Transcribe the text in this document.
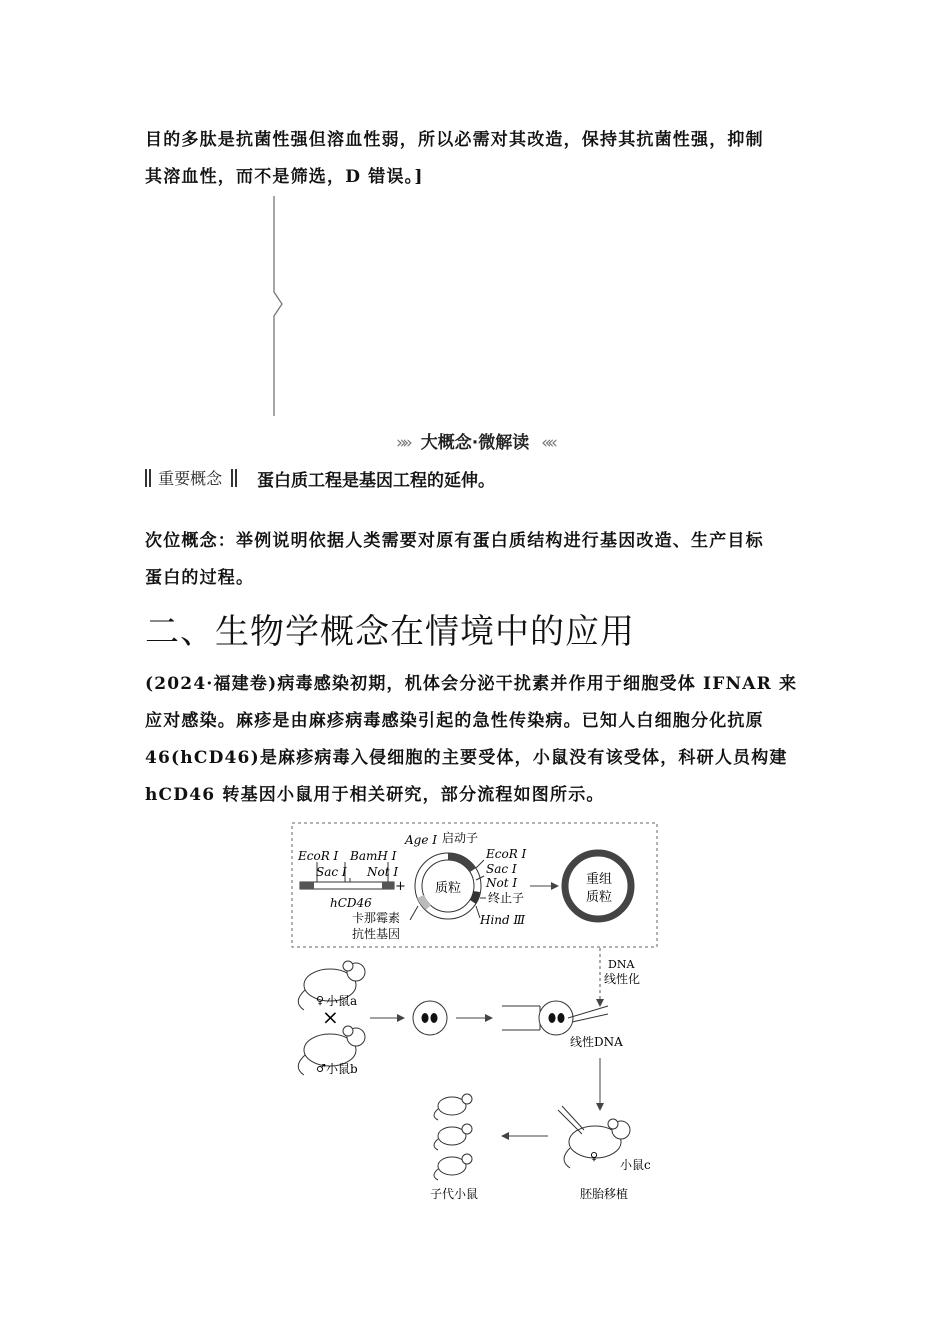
目的多肽是抗菌性强但溶血性弱，所以必需对其改造，保持其抗菌性强，抑制
其溶血性，而不是筛选，D 错误。]
»» 大概念·微解读 ««
重要概念	蛋白质工程是基因工程的延伸。
次位概念：举例说明依据人类需要对原有蛋白质结构进行基因改造、生产目标
蛋白的过程。
二、生物学概念在情境中的应用
(2024·福建卷)病毒感染初期，机体会分泌干扰素并作用于细胞受体 IFNAR 来
应对感染。麻疹是由麻疹病毒感染引起的急性传染病。已知人白细胞分化抗原
46(hCD46)是麻疹病毒入侵细胞的主要受体，小鼠没有该受体，科研人员构建
hCD46 转基因小鼠用于相关研究，部分流程如图所示。
EcoR Ⅰ BamH Ⅰ
Sac Ⅰ Not Ⅰ
hCD46
+ 质粒
Age Ⅰ 启动子
EcoR Ⅰ
Sac Ⅰ
Not Ⅰ
终止子
Hind Ⅲ
卡那霉素
抗性基因
重组
质粒
DNA
线性化
♀ 小鼠a
×
♂ 小鼠b
线性DNA
♀
小鼠c
胚胎移植
子代小鼠
